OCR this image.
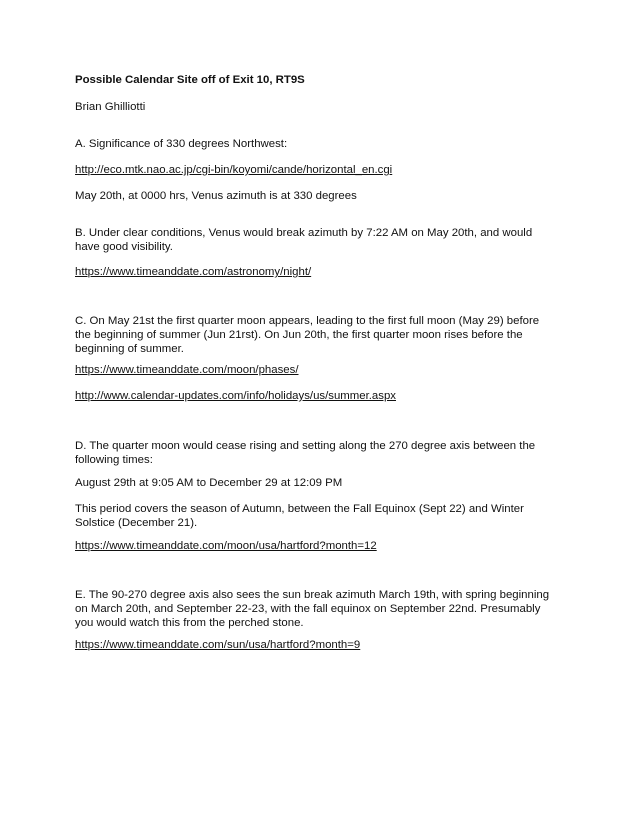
Possible Calendar Site off of Exit 10, RT9S
Brian Ghilliotti
A. Significance of 330 degrees Northwest:
http://eco.mtk.nao.ac.jp/cgi-bin/koyomi/cande/horizontal_en.cgi
May 20th, at 0000 hrs, Venus azimuth is at 330 degrees
B. Under clear conditions, Venus would break azimuth by 7:22 AM on May 20th, and would have good visibility.
https://www.timeanddate.com/astronomy/night/
C. On May 21st the first quarter moon appears, leading to the first full moon (May 29) before the beginning of summer (Jun 21rst). On Jun 20th, the first quarter moon rises before the beginning of summer.
https://www.timeanddate.com/moon/phases/
http://www.calendar-updates.com/info/holidays/us/summer.aspx
D. The quarter moon would cease rising and setting along the 270 degree axis between the following times:
August 29th at 9:05 AM to December 29 at 12:09 PM
This period covers the season of Autumn, between the Fall Equinox (Sept 22) and Winter Solstice (December 21).
https://www.timeanddate.com/moon/usa/hartford?month=12
E. The 90-270 degree axis also sees the sun break azimuth March 19th, with spring beginning on March 20th, and September 22-23, with the fall equinox on September 22nd. Presumably you would watch this from the perched stone.
https://www.timeanddate.com/sun/usa/hartford?month=9
